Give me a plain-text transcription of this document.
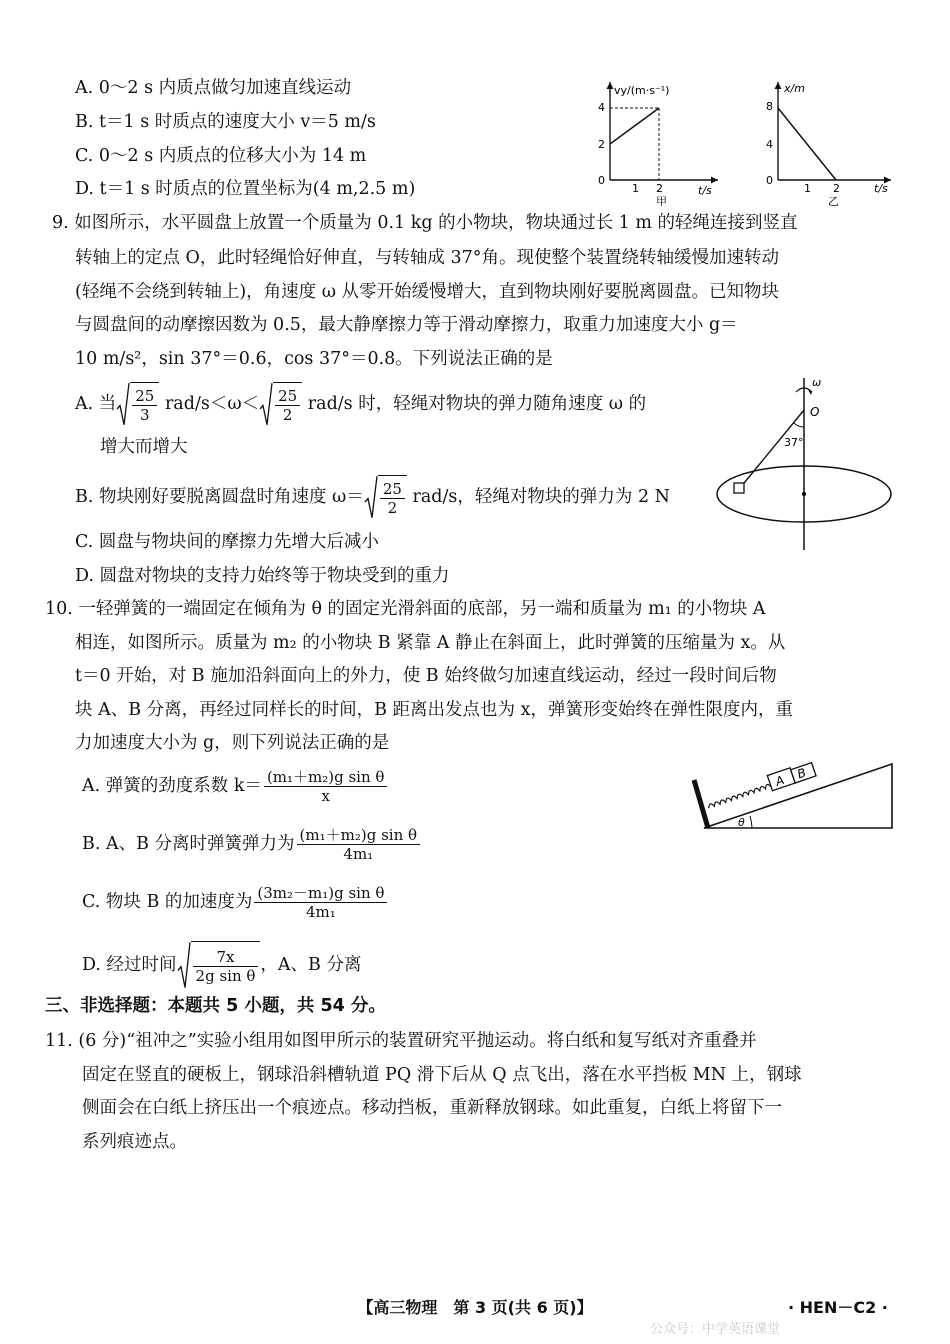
A. 0～2 s 内质点做匀加速直线运动
B. t＝1 s 时质点的速度大小 v＝5 m/s
C. 0～2 s 内质点的位移大小为 14 m
D. t＝1 s 时质点的位置坐标为(4 m,2.5 m)
vy/(m·s⁻¹)
t/s
4
2
0
1 2
甲
x/m
t/s
8
4
0
1 2
乙
9. 如图所示，水平圆盘上放置一个质量为 0.1 kg 的小物块，物块通过长 1 m 的轻绳连接到竖直
转轴上的定点 O，此时轻绳恰好伸直，与转轴成 37°角。现使整个装置绕转轴缓慢加速转动
(轻绳不会绕到转轴上)，角速度 ω 从零开始缓慢增大，直到物块刚好要脱离圆盘。已知物块
与圆盘间的动摩擦因数为 0.5，最大静摩擦力等于滑动摩擦力，取重力加速度大小 g＝
10 m/s²，sin 37°＝0.6，cos 37°＝0.8。下列说法正确的是
A. 当 $\frac{25}{3} rad/s<\omega< \frac{25}{2} rad/s$ 时，轻绳对物块的弹力随角速度 ω 的
增大而增大
B. 物块刚好要脱离圆盘时角速度 $\omega= \frac{25}{2} rad/s$，轻绳对物块的弹力为 2 N
C. 圆盘与物块间的摩擦力先增大后减小
D. 圆盘对物块的支持力始终等于物块受到的重力
ω
O
37°
10. 一轻弹簧的一端固定在倾角为 θ 的固定光滑斜面的底部，另一端和质量为 m₁ 的小物块 A
相连，如图所示。质量为 m₂ 的小物块 B 紧靠 A 静止在斜面上，此时弹簧的压缩量为 x。从
t＝0 开始，对 B 施加沿斜面向上的外力，使 B 始终做匀加速直线运动，经过一段时间后物
块 A、B 分离，再经过同样长的时间，B 距离出发点也为 x，弹簧形变始终在弹性限度内，重
力加速度大小为 g，则下列说法正确的是
A. 弹簧的劲度系数 $k= \frac{\text{(m₁＋m₂)g sin θ}}{x}$
B. A、B 分离时弹簧弹力为 $\frac{\text{(m₁＋m₂)g sin θ}}{\text{4m₁}}$
C. 物块 B 的加速度为 $\frac{\text{(3m₂－m₁)g sin θ}}{\text{4m₁}}$
D. 经过时间 $\frac{7x}{\text{2g sin θ}}$ ，A、B 分离
θ
A B
三、非选择题：本题共 5 小题，共 54 分。
11. (6 分)“祖冲之”实验小组用如图甲所示的装置研究平抛运动。将白纸和复写纸对齐重叠并
固定在竖直的硬板上，钢球沿斜槽轨道 PQ 滑下后从 Q 点飞出，落在水平挡板 MN 上，钢球
侧面会在白纸上挤压出一个痕迹点。移动挡板，重新释放钢球。如此重复，白纸上将留下一
系列痕迹点。
【高三物理　第 3 页(共 6 页)】	· HEN－C2 ·
公众号：中学英语课堂
